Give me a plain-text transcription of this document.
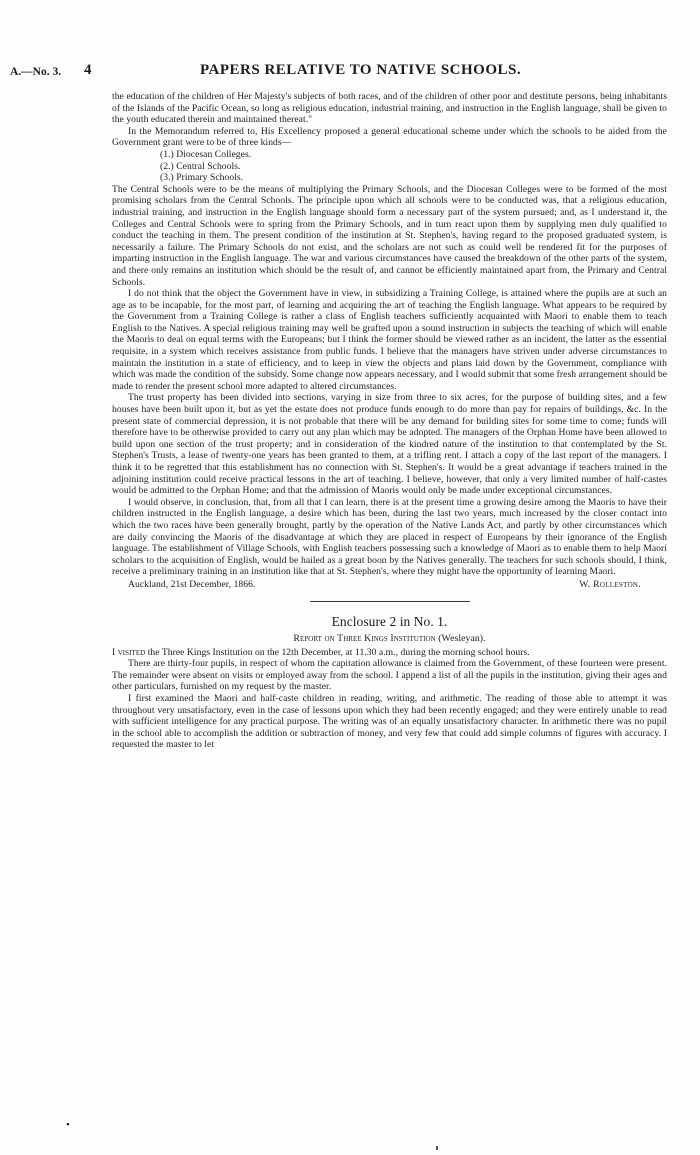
A.—No. 3. 4	PAPERS RELATIVE TO NATIVE SCHOOLS.

the education of the children of Her Majesty's subjects of both races, and of the children of other poor and destitute persons, being inhabitants of the Islands of the Pacific Ocean, so long as religious education, industrial training, and instruction in the English language, shall be given to the youth educated therein and maintained thereat."

In the Memorandum referred to, His Excellency proposed a general educational scheme under which the schools to be aided from the Government grant were to be of three kinds—

(1.) Diocesan Colleges.

(2.) Central Schools.

(3.) Primary Schools.

The Central Schools were to be the means of multiplying the Primary Schools, and the Diocesan Colleges were to be formed of the most promising scholars from the Central Schools. The principle upon which all schools were to be conducted was, that a religious education, industrial training, and instruction in the English language should form a necessary part of the system pursued; and, as I understand it, the Colleges and Central Schools were to spring from the Primary Schools, and in turn react upon them by supplying men duly qualified to conduct the teaching in them. The present condition of the institution at St. Stephen's, having regard to the proposed graduated system, is necessarily a failure. The Primary Schools do not exist, and the scholars are not such as could well be rendered fit for the purposes of imparting instruction in the English language. The war and various circumstances have caused the breakdown of the other parts of the system, and there only remains an institution which should be the result of, and cannot be efficiently maintained apart from, the Primary and Central Schools.

I do not think that the object the Government have in view, in subsidizing a Training College, is attained where the pupils are at such an age as to be incapable, for the most part, of learning and acquiring the art of teaching the English language. What appears to be required by the Government from a Training College is rather a class of English teachers sufficiently acquainted with Maori to enable them to teach English to the Natives. A special religious training may well be grafted upon a sound instruction in subjects the teaching of which will enable the Maoris to deal on equal terms with the Europeans; but I think the former should be viewed rather as an incident, the latter as the essential requisite, in a system which receives assistance from public funds. I believe that the managers have striven under adverse circumstances to maintain the institution in a state of efficiency, and to keep in view the objects and plans laid down by the Government, compliance with which was made the condition of the subsidy. Some change now appears necessary, and I would submit that some fresh arrangement should be made to render the present school more adapted to altered circumstances.

The trust property has been divided into sections, varying in size from three to six acres, for the purpose of building sites, and a few houses have been built upon it, but as yet the estate does not produce funds enough to do more than pay for repairs of buildings, &c. In the present state of commercial depression, it is not probable that there will be any demand for building sites for some time to come; funds will therefore have to be otherwise provided to carry out any plan which may be adopted. The managers of the Orphan Home have been allowed to build upon one section of the trust property; and in consideration of the kindred nature of the institution to that contemplated by the St. Stephen's Trusts, a lease of twenty-one years has been granted to them, at a trifling rent. I attach a copy of the last report of the managers. I think it to be regretted that this establishment has no connection with St. Stephen's. It would be a great advantage if teachers trained in the adjoining institution could receive practical lessons in the art of teaching. I believe, however, that only a very limited number of half-castes would be admitted to the Orphan Home; and that the admission of Maoris would only be made under exceptional circumstances.

I would observe, in conclusion, that, from all that I can learn, there is at the present time a growing desire among the Maoris to have their children instructed in the English language, a desire which has been, during the last two years, much increased by the closer contact into which the two races have been generally brought, partly by the operation of the Native Lands Act, and partly by other circumstances which are daily convincing the Maoris of the disadvantage at which they are placed in respect of Europeans by their ignorance of the English language. The establishment of Village Schools, with English teachers possessing such a knowledge of Maori as to enable them to help Maori scholars to the acquisition of English, would be hailed as a great boon by the Natives generally. The teachers for such schools should, I think, receive a preliminary training in an institution like that at St. Stephen's, where they might have the opportunity of learning Maori.

Auckland, 21st December, 1866.	W. Rolleston.
Enclosure 2 in No. 1.
Report on Three Kings Institution (Wesleyan).

I visited the Three Kings Institution on the 12th December, at 11.30 a.m., during the morning school hours.

There are thirty-four pupils, in respect of whom the capitation allowance is claimed from the Government, of these fourteen were present. The remainder were absent on visits or employed away from the school. I append a list of all the pupils in the institution, giving their ages and other particulars, furnished on my request by the master.

I first examined the Maori and half-caste children in reading, writing, and arithmetic. The reading of those able to attempt it was throughout very unsatisfactory, even in the case of lessons upon which they had been recently engaged; and they were entirely unable to read with sufficient intelligence for any practical purpose. The writing was of an equally unsatisfactory character. In arithmetic there was no pupil in the school able to accomplish the addition or subtraction of money, and very few that could add simple columns of figures with accuracy. I requested the master to let

•
